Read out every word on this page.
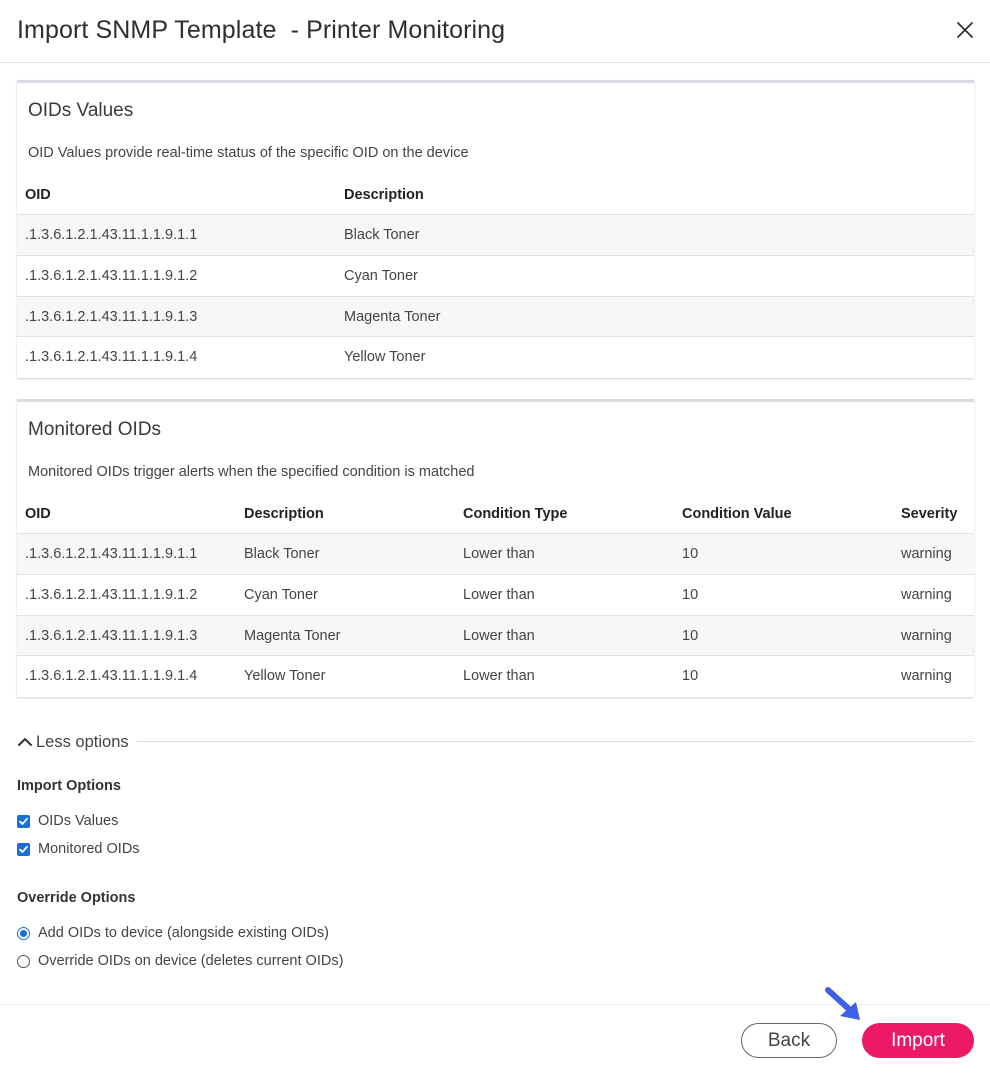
Import SNMP Template  - Printer Monitoring
OIDs Values
OID Values provide real-time status of the specific OID on the device
OID	Description
.1.3.6.1.2.1.43.11.1.1.9.1.1	Black Toner
.1.3.6.1.2.1.43.11.1.1.9.1.2	Cyan Toner
.1.3.6.1.2.1.43.11.1.1.9.1.3	Magenta Toner
.1.3.6.1.2.1.43.11.1.1.9.1.4	Yellow Toner
Monitored OIDs
Monitored OIDs trigger alerts when the specified condition is matched
OID	Description	Condition Type	Condition Value	Severity
.1.3.6.1.2.1.43.11.1.1.9.1.1	Black Toner	Lower than	10	warning
.1.3.6.1.2.1.43.11.1.1.9.1.2	Cyan Toner	Lower than	10	warning
.1.3.6.1.2.1.43.11.1.1.9.1.3	Magenta Toner	Lower than	10	warning
.1.3.6.1.2.1.43.11.1.1.9.1.4	Yellow Toner	Lower than	10	warning
Less options
Import Options
OIDs Values
Monitored OIDs
Override Options
Add OIDs to device (alongside existing OIDs)
Override OIDs on device (deletes current OIDs)
Back	Import
